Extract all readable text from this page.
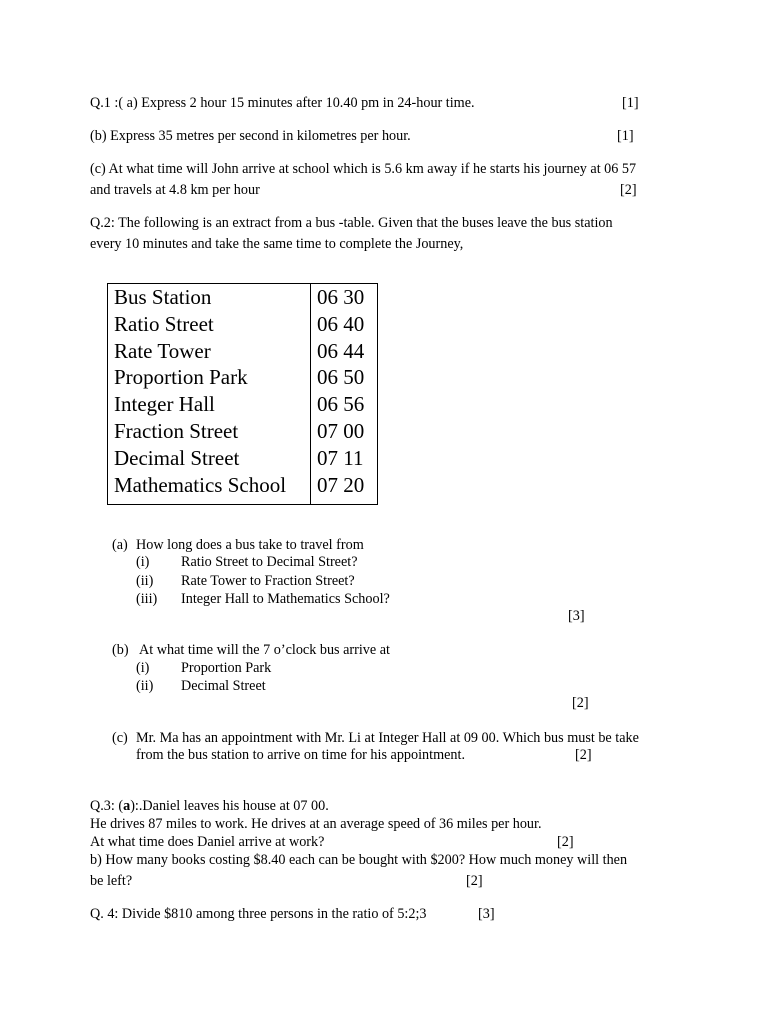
Q.1 :( a) Express 2 hour 15 minutes after 10.40 pm in 24-hour time.	[1]
(b) Express 35 metres per second in kilometres per hour.	[1]
(c) At what time will John arrive at school which is 5.6 km away if he starts his journey at 06 57
and travels at 4.8 km per hour	[2]
Q.2: The following is an extract from a bus -table. Given that the buses leave the bus station
every 10 minutes and take the same time to complete the Journey,
Bus Station	06 30
Ratio Street	06 40
Rate Tower	06 44
Proportion Park	06 50
Integer Hall	06 56
Fraction Street	07 00
Decimal Street	07 11
Mathematics School	07 20
(a) How long does a bus take to travel from
(i) Ratio Street to Decimal Street?
(ii) Rate Tower to Fraction Street?
(iii) Integer Hall to Mathematics School?
[3]
(b) At what time will the 7 o’clock bus arrive at
(i) Proportion Park
(ii) Decimal Street
[2]
(c) Mr. Ma has an appointment with Mr. Li at Integer Hall at 09 00. Which bus must be take
from the bus station to arrive on time for his appointment.	[2]
Q.3: (a):.Daniel leaves his house at 07 00.
He drives 87 miles to work. He drives at an average speed of 36 miles per hour.
At what time does Daniel arrive at work?	[2]
b) How many books costing $8.40 each can be bought with $200? How much money will then
be left?	[2]
Q. 4: Divide $810 among three persons in the ratio of 5:2;3	[3]
